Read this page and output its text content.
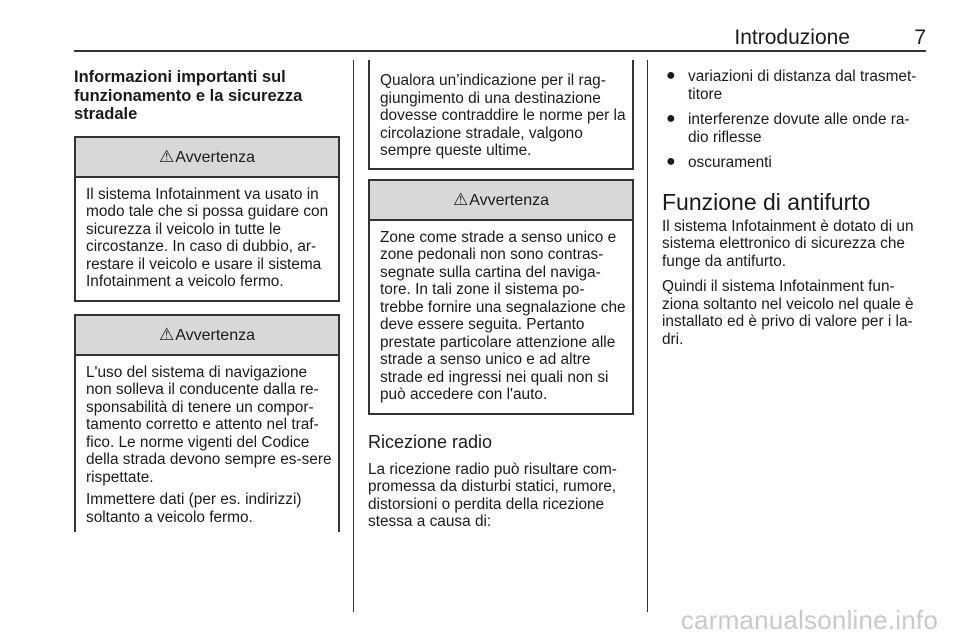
Introduzione	7

Informazioni importanti sul funzionamento e la sicurezza stradale

⚠Avvertenza

Il sistema Infotainment va usato in modo tale che si possa guidare con sicurezza il veicolo in tutte le circostanze. In caso di dubbio, ar-restare il veicolo e usare il sistema Infotainment a veicolo fermo.

⚠Avvertenza

L'uso del sistema di navigazione non solleva il conducente dalla re-sponsabilità di tenere un compor-tamento corretto e attento nel traf-fico. Le norme vigenti del Codice della strada devono sempre es-sere rispettate.

Immettere dati (per es. indirizzi) soltanto a veicolo fermo.

Qualora un’indicazione per il rag-giungimento di una destinazione dovesse contraddire le norme per la circolazione stradale, valgono sempre queste ultime.

⚠Avvertenza

Zone come strade a senso unico e zone pedonali non sono contras-segnate sulla cartina del naviga-tore. In tali zone il sistema po-trebbe fornire una segnalazione che deve essere seguita. Pertanto prestate particolare attenzione alle strade a senso unico e ad altre strade ed ingressi nei quali non si può accedere con l'auto.

Ricezione radio

La ricezione radio può risultare com-promessa da disturbi statici, rumore, distorsioni o perdita della ricezione stessa a causa di:

● variazioni di distanza dal trasmet-titore
● interferenze dovute alle onde ra-dio riflesse
● oscuramenti

Funzione di antifurto

Il sistema Infotainment è dotato di un sistema elettronico di sicurezza che funge da antifurto.

Quindi il sistema Infotainment fun-ziona soltanto nel veicolo nel quale è installato ed è privo di valore per i la-dri.

carmanualsonline.info
